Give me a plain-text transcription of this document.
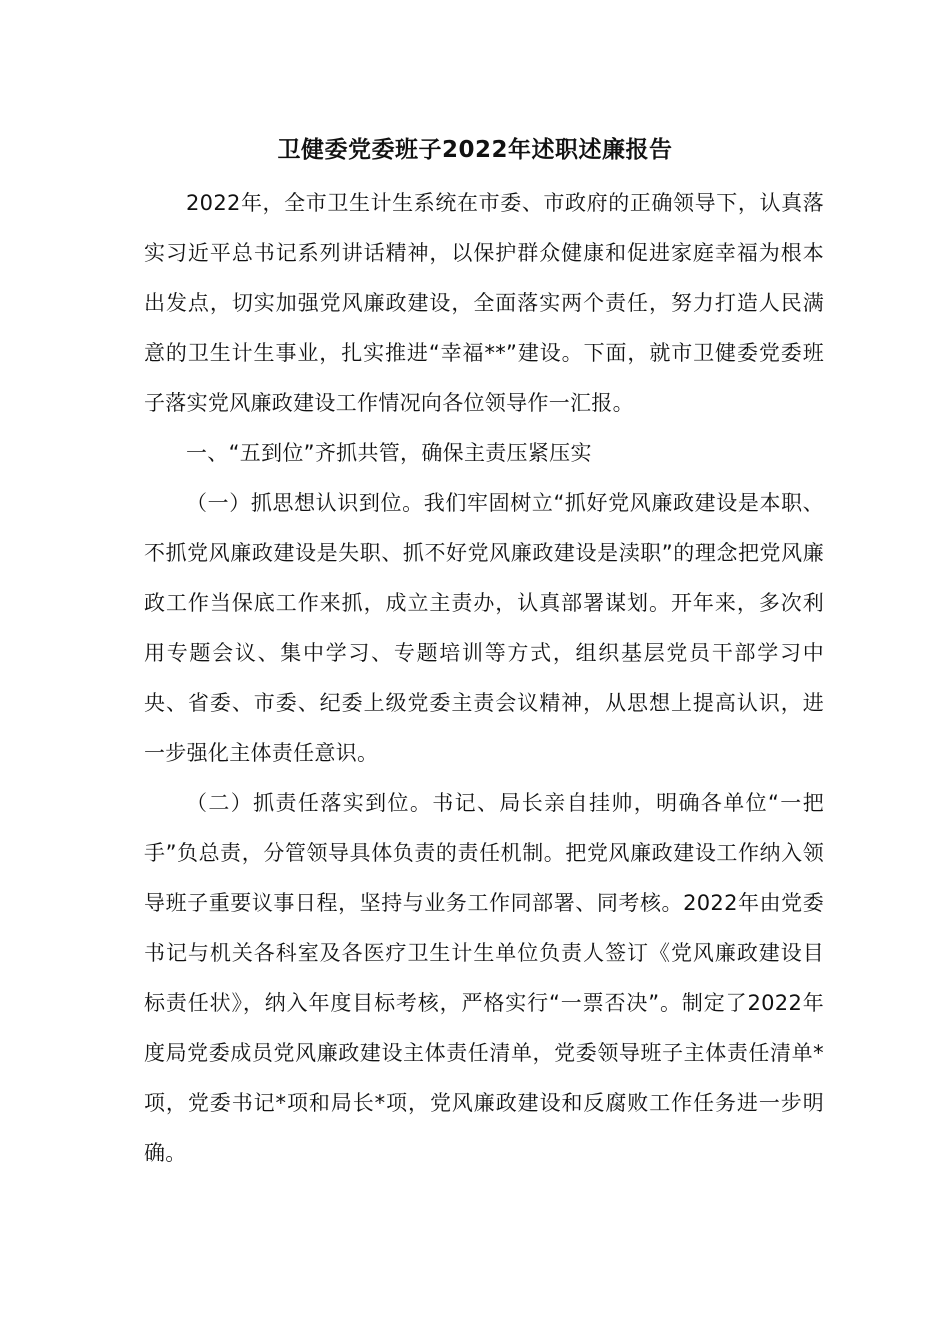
卫健委党委班子2022年述职述廉报告

2022年，全市卫生计生系统在市委、市政府的正确领导下，认真落实习近平总书记系列讲话精神，以保护群众健康和促进家庭幸福为根本出发点，切实加强党风廉政建设，全面落实两个责任，努力打造人民满意的卫生计生事业，扎实推进“幸福**”建设。下面，就市卫健委党委班子落实党风廉政建设工作情况向各位领导作一汇报。

一、“五到位”齐抓共管，确保主责压紧压实

（一）抓思想认识到位。我们牢固树立“抓好党风廉政建设是本职、不抓党风廉政建设是失职、抓不好党风廉政建设是渎职”的理念把党风廉政工作当保底工作来抓，成立主责办，认真部署谋划。开年来，多次利用专题会议、集中学习、专题培训等方式，组织基层党员干部学习中央、省委、市委、纪委上级党委主责会议精神，从思想上提高认识，进一步强化主体责任意识。

（二）抓责任落实到位。书记、局长亲自挂帅，明确各单位“一把手”负总责，分管领导具体负责的责任机制。把党风廉政建设工作纳入领导班子重要议事日程，坚持与业务工作同部署、同考核。2022年由党委书记与机关各科室及各医疗卫生计生单位负责人签订《党风廉政建设目标责任状》，纳入年度目标考核，严格实行“一票否决”。制定了2022年度局党委成员党风廉政建设主体责任清单，党委领导班子主体责任清单*项，党委书记*项和局长*项，党风廉政建设和反腐败工作任务进一步明确。
